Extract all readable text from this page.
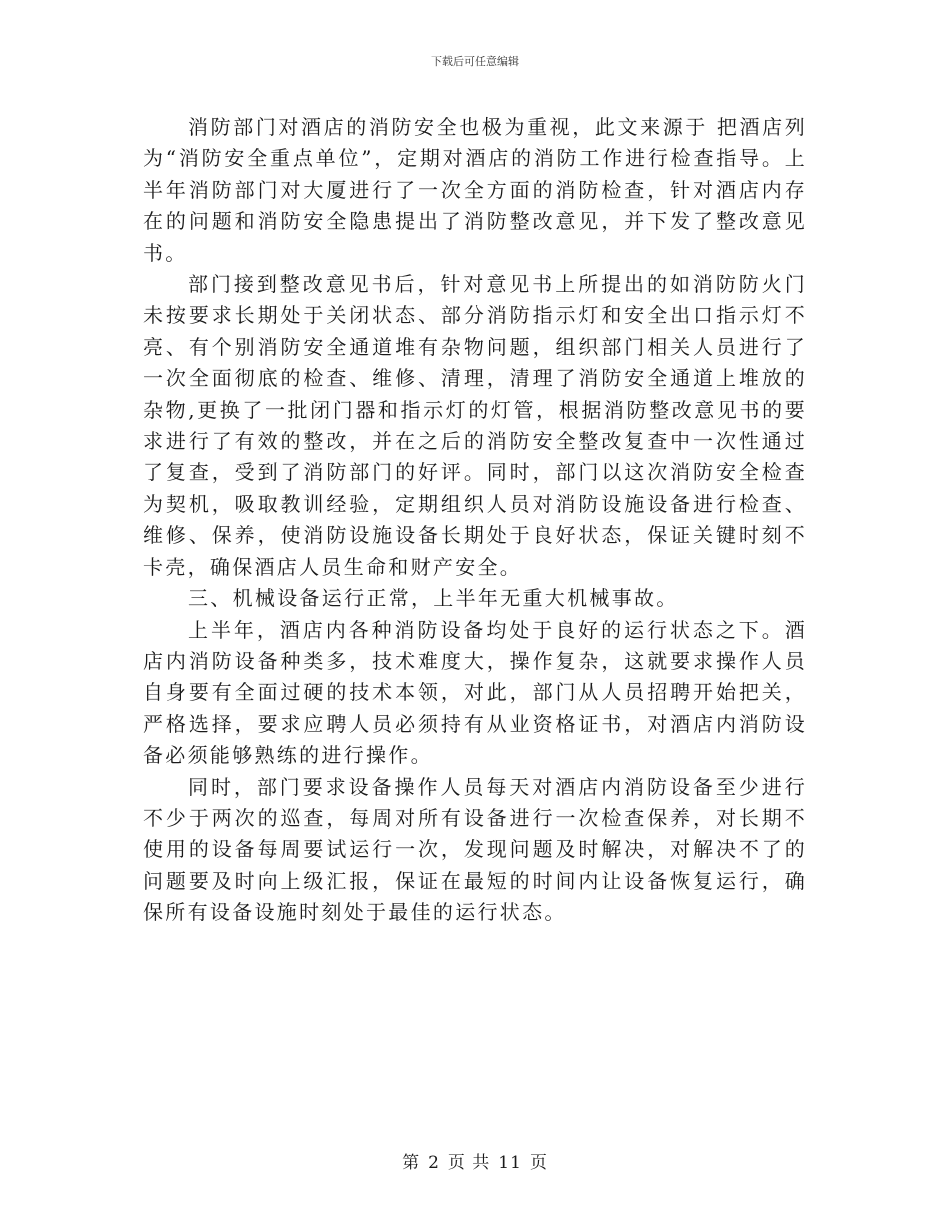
下载后可任意编辑

消防部门对酒店的消防安全也极为重视，此文来源于 把酒店列为“消防安全重点单位”，定期对酒店的消防工作进行检查指导。上半年消防部门对大厦进行了一次全方面的消防检查，针对酒店内存在的问题和消防安全隐患提出了消防整改意见，并下发了整改意见书。

部门接到整改意见书后，针对意见书上所提出的如消防防火门未按要求长期处于关闭状态、部分消防指示灯和安全出口指示灯不亮、有个别消防安全通道堆有杂物问题，组织部门相关人员进行了一次全面彻底的检查、维修、清理，清理了消防安全通道上堆放的杂物,更换了一批闭门器和指示灯的灯管，根据消防整改意见书的要求进行了有效的整改，并在之后的消防安全整改复查中一次性通过了复查，受到了消防部门的好评。同时，部门以这次消防安全检查为契机，吸取教训经验，定期组织人员对消防设施设备进行检查、维修、保养，使消防设施设备长期处于良好状态，保证关键时刻不卡壳，确保酒店人员生命和财产安全。

三、机械设备运行正常，上半年无重大机械事故。

上半年，酒店内各种消防设备均处于良好的运行状态之下。酒店内消防设备种类多，技术难度大，操作复杂，这就要求操作人员自身要有全面过硬的技术本领，对此，部门从人员招聘开始把关，严格选择，要求应聘人员必须持有从业资格证书，对酒店内消防设备必须能够熟练的进行操作。

同时，部门要求设备操作人员每天对酒店内消防设备至少进行不少于两次的巡查，每周对所有设备进行一次检查保养，对长期不使用的设备每周要试运行一次，发现问题及时解决，对解决不了的问题要及时向上级汇报，保证在最短的时间内让设备恢复运行，确保所有设备设施时刻处于最佳的运行状态。

第 2 页 共 11 页
